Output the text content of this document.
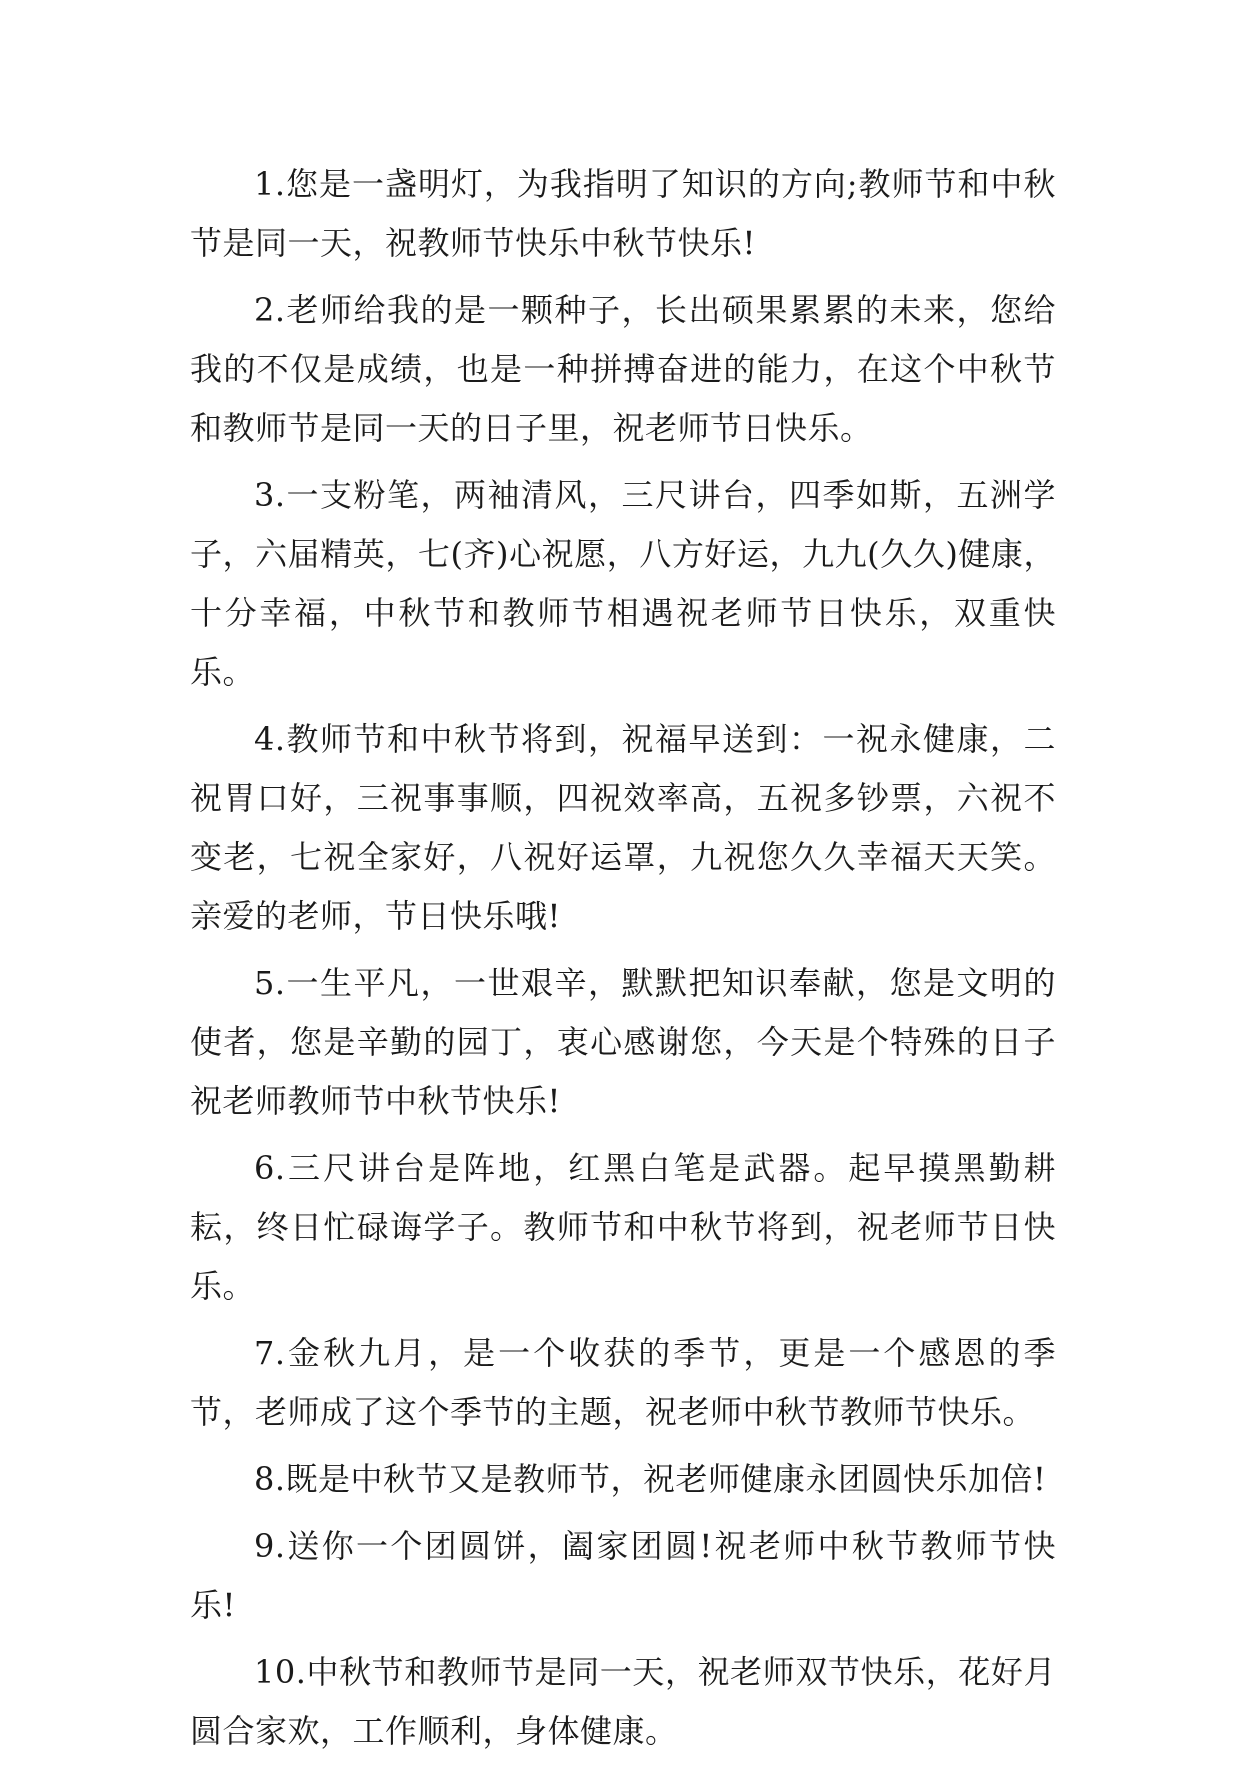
1.您是一盏明灯，为我指明了知识的方向;教师节和中秋节是同一天，祝教师节快乐中秋节快乐!

2.老师给我的是一颗种子，长出硕果累累的未来，您给我的不仅是成绩，也是一种拼搏奋进的能力，在这个中秋节和教师节是同一天的日子里，祝老师节日快乐。

3.一支粉笔，两袖清风，三尺讲台，四季如斯，五洲学子，六届精英，七(齐)心祝愿，八方好运，九九(久久)健康，十分幸福，中秋节和教师节相遇祝老师节日快乐，双重快乐。

4.教师节和中秋节将到，祝福早送到：一祝永健康，二祝胃口好，三祝事事顺，四祝效率高，五祝多钞票，六祝不变老，七祝全家好，八祝好运罩，九祝您久久幸福天天笑。亲爱的老师，节日快乐哦!

5.一生平凡，一世艰辛，默默把知识奉献，您是文明的使者，您是辛勤的园丁，衷心感谢您，今天是个特殊的日子祝老师教师节中秋节快乐!

6.三尺讲台是阵地，红黑白笔是武器。起早摸黑勤耕耘，终日忙碌诲学子。教师节和中秋节将到，祝老师节日快乐。

7.金秋九月，是一个收获的季节，更是一个感恩的季节，老师成了这个季节的主题，祝老师中秋节教师节快乐。

8.既是中秋节又是教师节，祝老师健康永团圆快乐加倍!

9.送你一个团圆饼，阖家团圆!祝老师中秋节教师节快乐!

10.中秋节和教师节是同一天，祝老师双节快乐，花好月圆合家欢，工作顺利，身体健康。
